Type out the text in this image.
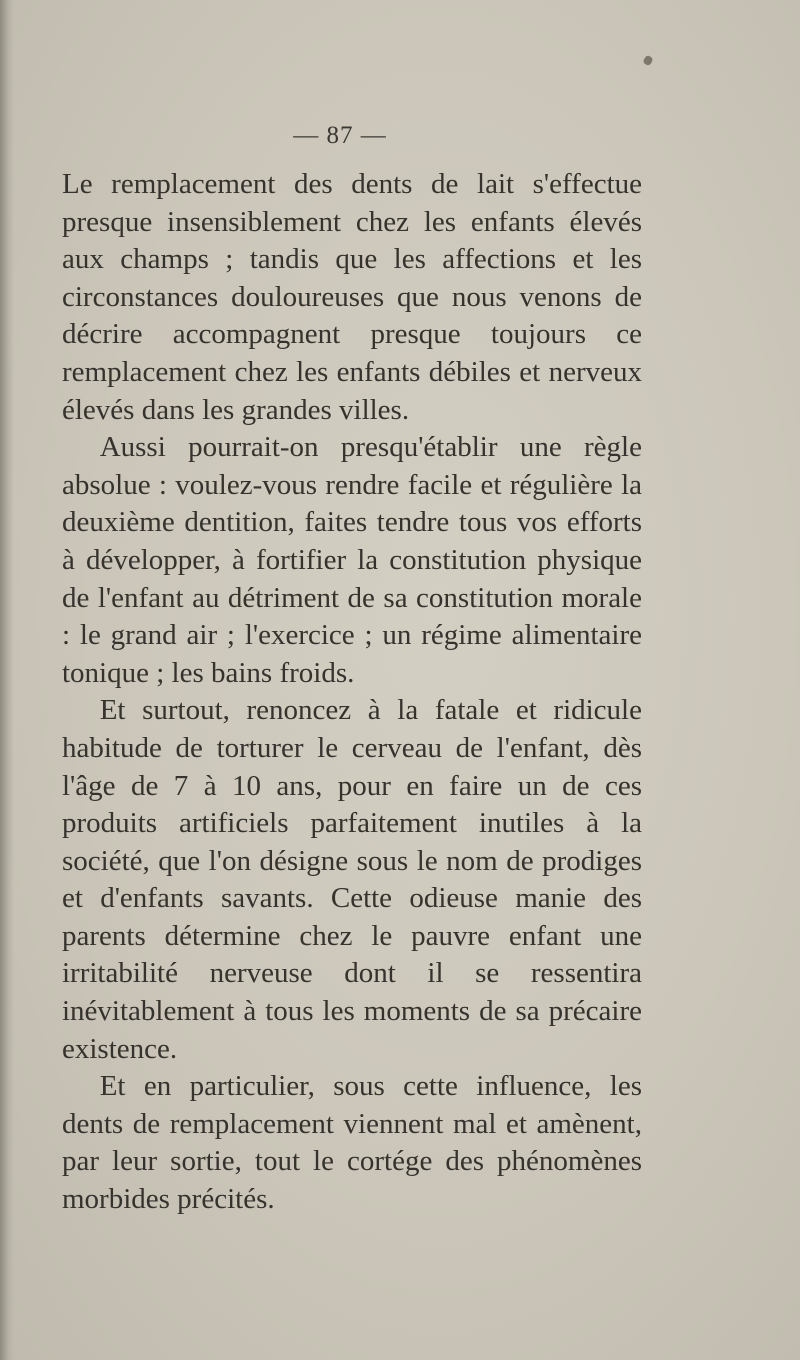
— 87 —

Le remplacement des dents de lait s'effectue presque insensiblement chez les enfants élevés aux champs ; tandis que les affections et les circonstances douloureuses que nous venons de décrire accompagnent presque toujours ce remplacement chez les enfants débiles et nerveux élevés dans les grandes villes.

Aussi pourrait-on presqu'établir une règle absolue : voulez-vous rendre facile et régulière la deuxième dentition, faites tendre tous vos efforts à développer, à fortifier la constitution physique de l'enfant au détriment de sa constitution morale : le grand air ; l'exercice ; un régime alimentaire tonique ; les bains froids.

Et surtout, renoncez à la fatale et ridicule habitude de torturer le cerveau de l'enfant, dès l'âge de 7 à 10 ans, pour en faire un de ces produits artificiels parfaitement inutiles à la société, que l'on désigne sous le nom de prodiges et d'enfants savants. Cette odieuse manie des parents détermine chez le pauvre enfant une irritabilité nerveuse dont il se ressentira inévitablement à tous les moments de sa précaire existence.

Et en particulier, sous cette influence, les dents de remplacement viennent mal et amènent, par leur sortie, tout le cortége des phénomènes morbides précités.
